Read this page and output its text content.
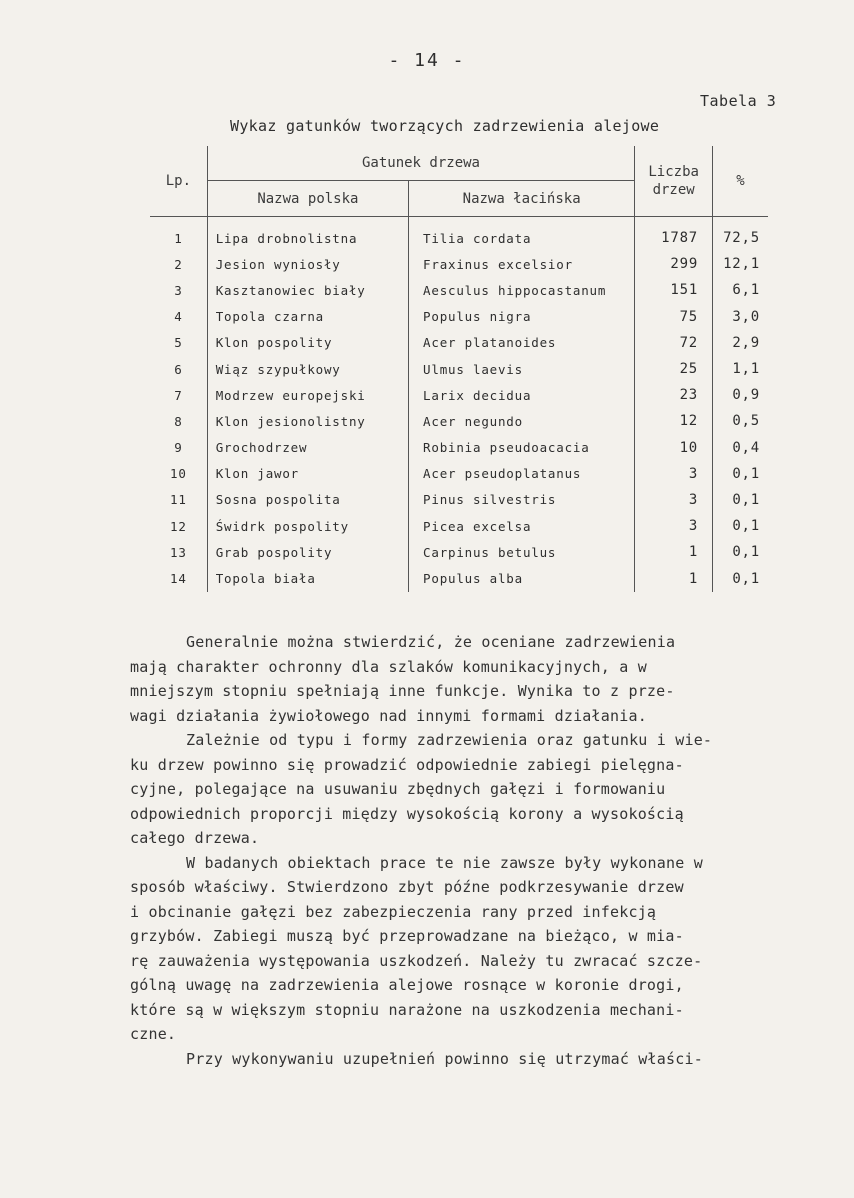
- 14 -
Tabela 3
Wykaz gatunków tworzących zadrzewienia alejowe
Lp.	Gatunek drzewa		Liczba drzew	%
	Nazwa polska	Nazwa łacińska		
1	Lipa drobnolistna	Tilia cordata	1787	72,5
2	Jesion wyniosły	Fraxinus excelsior	299	12,1
3	Kasztanowiec biały	Aesculus hippocastanum	151	6,1
4	Topola czarna	Populus nigra	75	3,0
5	Klon pospolity	Acer platanoides	72	2,9
6	Wiąz szypułkowy	Ulmus laevis	25	1,1
7	Modrzew europejski	Larix decidua	23	0,9
8	Klon jesionolistny	Acer negundo	12	0,5
9	Grochodrzew	Robinia pseudoacacia	10	0,4
10	Klon jawor	Acer pseudoplatanus	3	0,1
11	Sosna pospolita	Pinus silvestris	3	0,1
12	Świdrk pospolity	Picea excelsa	3	0,1
13	Grab pospolity	Carpinus betulus	1	0,1
14	Topola biała	Populus alba	1	0,1

Generalnie można stwierdzić, że oceniane zadrzewienia
mają charakter ochronny dla szlaków komunikacyjnych, a w
mniejszym stopniu spełniają inne funkcje. Wynika to z prze-
wagi działania żywiołowego nad innymi formami działania.

Zależnie od typu i formy zadrzewienia oraz gatunku i wie-
ku drzew powinno się prowadzić odpowiednie zabiegi pielęgna-
cyjne, polegające na usuwaniu zbędnych gałęzi i formowaniu
odpowiednich proporcji między wysokością korony a wysokością
całego drzewa.

W badanych obiektach prace te nie zawsze były wykonane w
sposób właściwy. Stwierdzono zbyt późne podkrzesywanie drzew
i obcinanie gałęzi bez zabezpieczenia rany przed infekcją
grzybów. Zabiegi muszą być przeprowadzane na bieżąco, w mia-
rę zauważenia występowania uszkodzeń. Należy tu zwracać szcze-
gólną uwagę na zadrzewienia alejowe rosnące w koronie drogi,
które są w większym stopniu narażone na uszkodzenia mechani-
czne.

Przy wykonywaniu uzupełnień powinno się utrzymać właści-
